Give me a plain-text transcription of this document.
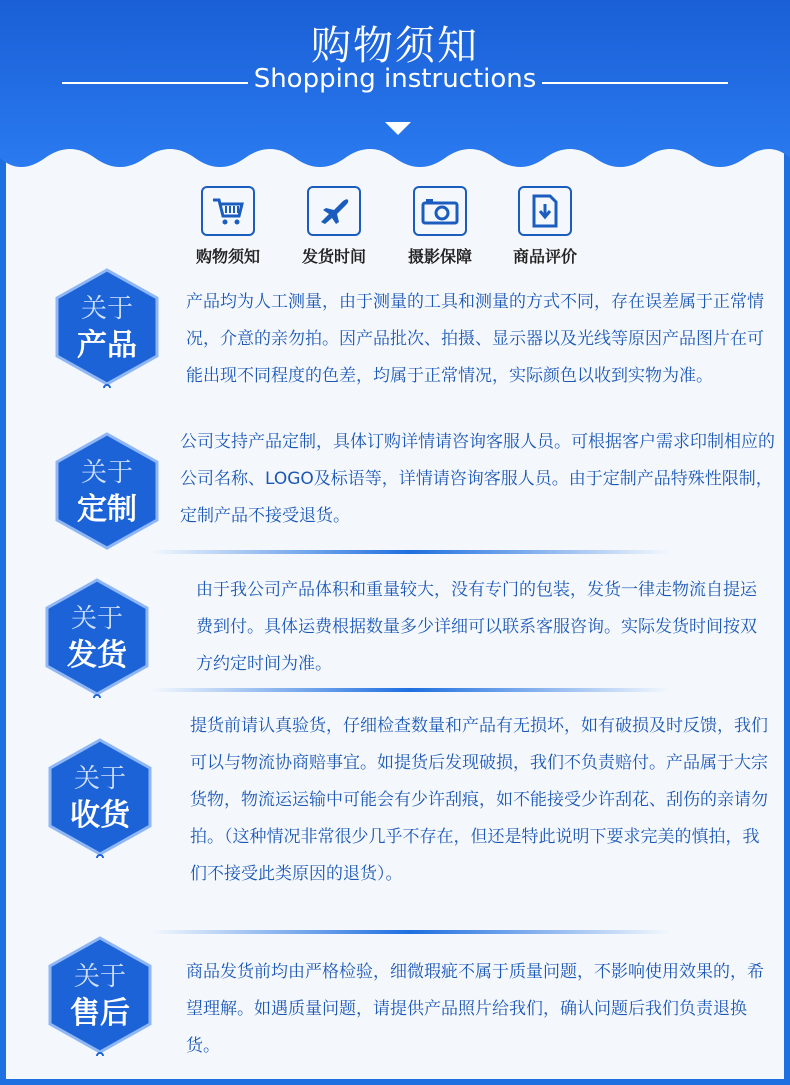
购物须知
Shopping instructions
购物须知	发货时间	摄影保障	商品评价
关于
产品

产品均为人工测量，由于测量的工具和测量的方式不同，存在误差属于正常情况，介意的亲勿拍。因产品批次、拍摄、显示器以及光线等原因产品图片在可能出现不同程度的色差，均属于正常情况，实际颜色以收到实物为准。

关于
定制

公司支持产品定制，具体订购详情请咨询客服人员。可根据客户需求印制相应的公司名称、LOGO及标语等，详情请咨询客服人员。由于定制产品特殊性限制，定制产品不接受退货。

关于
发货

由于我公司产品体积和重量较大，没有专门的包装，发货一律走物流自提运费到付。具体运费根据数量多少详细可以联系客服咨询。实际发货时间按双方约定时间为准。

关于
收货

提货前请认真验货，仔细检查数量和产品有无损坏，如有破损及时反馈，我们可以与物流协商赔事宜。如提货后发现破损，我们不负责赔付。产品属于大宗货物，物流运运输中可能会有少许刮痕，如不能接受少许刮花、刮伤的亲请勿拍。（这种情况非常很少几乎不存在，但还是特此说明下要求完美的慎拍，我们不接受此类原因的退货）。

关于
售后

商品发货前均由严格检验，细微瑕疵不属于质量问题，不影响使用效果的，希望理解。如遇质量问题，请提供产品照片给我们，确认问题后我们负责退换货。
